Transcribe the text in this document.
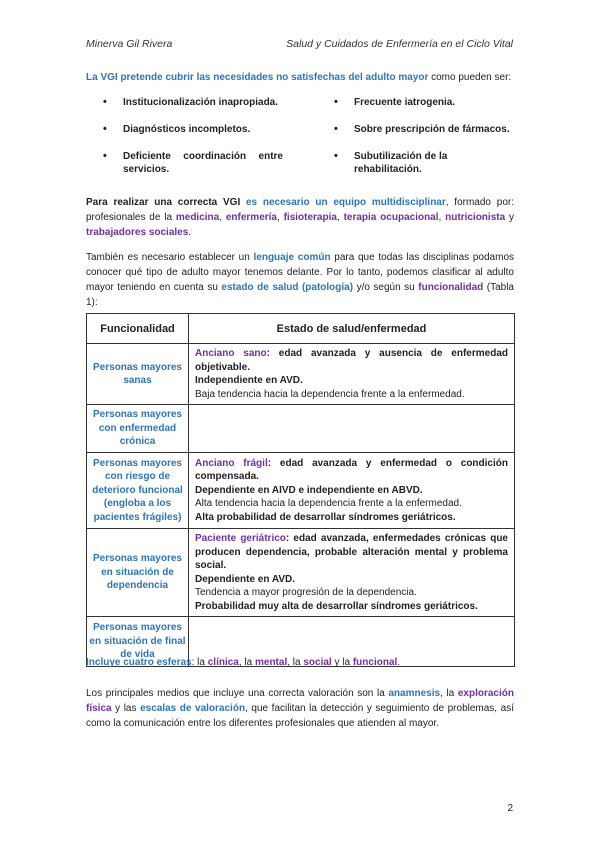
Minerva Gil Rivera	Salud y Cuidados de Enfermería en el Ciclo Vital
La VGI pretende cubrir las necesidades no satisfechas del adulto mayor como pueden ser:
• Institucionalización inapropiada.
• Diagnósticos incompletos.
• Deficiente coordinación entre servicios.
• Frecuente iatrogenia.
• Sobre prescripción de fármacos.
• Subutilización de la rehabilitación.
Para realizar una correcta VGI es necesario un equipo multidisciplinar, formado por: profesionales de la medicina, enfermería, fisioterapia, terapia ocupacional, nutricionista y trabajadores sociales.
También es necesario establecer un lenguaje común para que todas las disciplinas podamos conocer qué tipo de adulto mayor tenemos delante. Por lo tanto, podemos clasificar al adulto mayor teniendo en cuenta su estado de salud (patología) y/o según su funcionalidad (Tabla 1):
Funcionalidad	Estado de salud/enfermedad
Personas mayores sanas	Anciano sano: edad avanzada y ausencia de enfermedad objetivable.
Independiente en AVD.
Baja tendencia hacia la dependencia frente a la enfermedad.
Personas mayores con enfermedad crónica	
Personas mayores con riesgo de deterioro funcional (engloba a los pacientes frágiles)	Anciano frágil: edad avanzada y enfermedad o condición compensada.
Dependiente en AIVD e independiente en ABVD.
Alta tendencia hacia la dependencia frente a la enfermedad.
Alta probabilidad de desarrollar síndromes geriátricos.
Personas mayores en situación de dependencia	Paciente geriátrico: edad avanzada, enfermedades crónicas que producen dependencia, probable alteración mental y problema social.
Dependiente en AVD.
Tendencia a mayor progresión de la dependencia.
Probabilidad muy alta de desarrollar síndromes geriátricos.
Personas mayores en situación de final de vida	
Incluye cuatro esferas: la clínica, la mental, la social y la funcional.
Los principales medios que incluye una correcta valoración son la anamnesis, la exploración física y las escalas de valoración, que facilitan la detección y seguimiento de problemas, así como la comunicación entre los diferentes profesionales que atienden al mayor.
2
